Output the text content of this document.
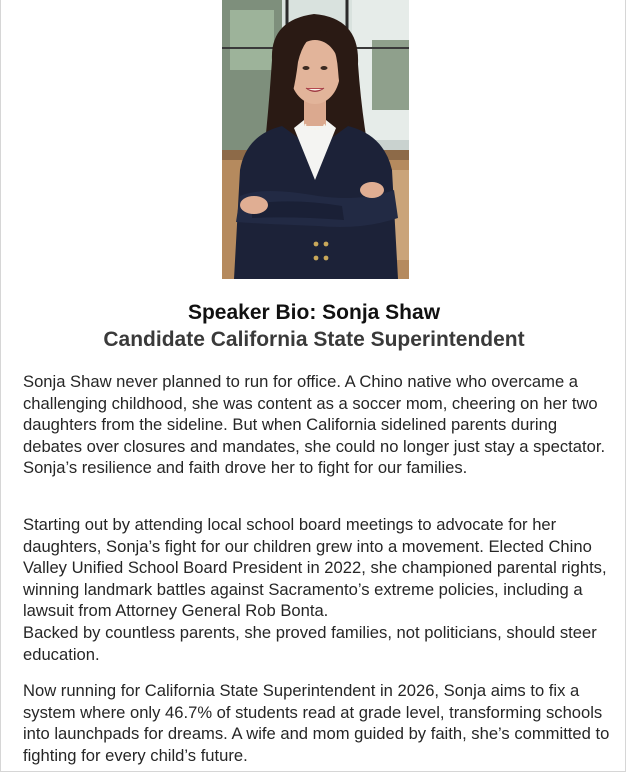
Speaker Bio: Sonja Shaw
Candidate California State Superintendent

Sonja Shaw never planned to run for office. A Chino native who overcame a challenging childhood, she was content as a soccer mom, cheering on her two daughters from the sideline. But when California sidelined parents during debates over closures and mandates, she could no longer just stay a spectator. Sonja’s resilience and faith drove her to fight for our families.

Starting out by attending local school board meetings to advocate for her daughters, Sonja’s fight for our children grew into a movement. Elected Chino Valley Unified School Board President in 2022, she championed parental rights, winning landmark battles against Sacramento’s extreme policies, including a lawsuit from Attorney General Rob Bonta.
Backed by countless parents, she proved families, not politicians, should steer education.

Now running for California State Superintendent in 2026, Sonja aims to fix a system where only 46.7% of students read at grade level, transforming schools into launchpads for dreams. A wife and mom guided by faith, she’s committed to fighting for every child’s future.
